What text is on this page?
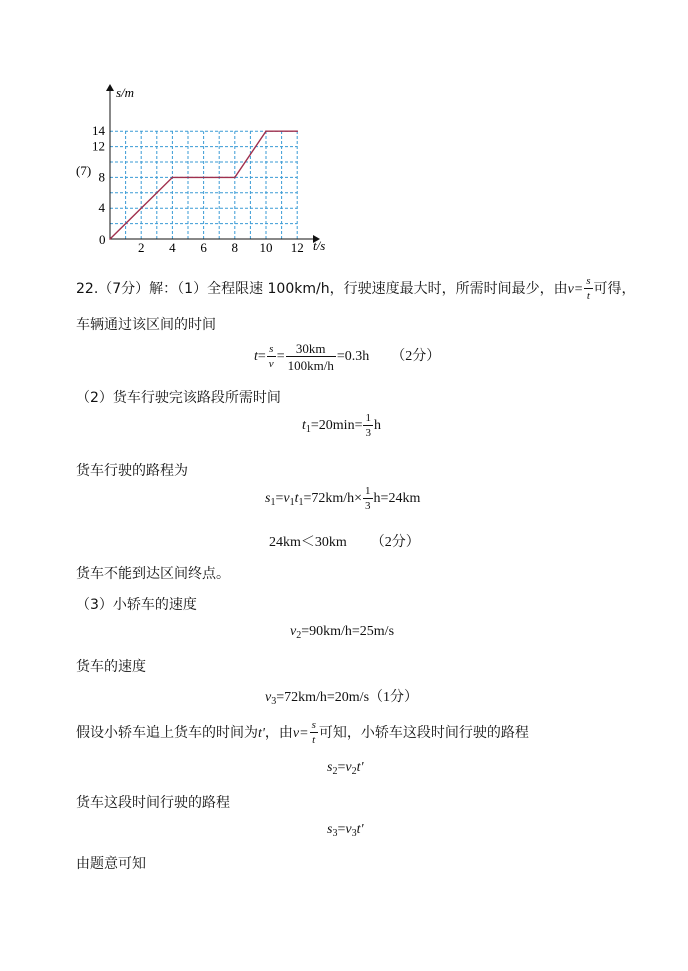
2 4 6 8 10 12
4
8
12
14
s/m
t/s
0
(7)
22.（7分）解：（1）全程限速 100km/h，行驶速度最大时，所需时间最少，由$v= \frac{s}{t}$ 可得，
车辆通过该区间的时间
$t= \frac{s}{v} = \frac{30km}{100km/h} =0.3h$ （2分）
（2）货车行驶完该路段所需时间
$t_1=20\min= \frac{1}{3}$ h
货车行驶的路程为
$s_1=v_1t_1=72km/h\times \frac{1}{3} h=24km$
24km＜30km （2分）
货车不能到达区间终点。
（3）小轿车的速度
$v_2=90km/h=25m/s$
货车的速度
$v_3=72km/h=20m/s(1$分）
假设小轿车追上货车的时间为t'，由$v= \frac{s}{t}$ 可知，小轿车这段时间行驶的路程
$s_2=v_2t'$
货车这段时间行驶的路程
$s_3=v_3t'$
由题意可知
